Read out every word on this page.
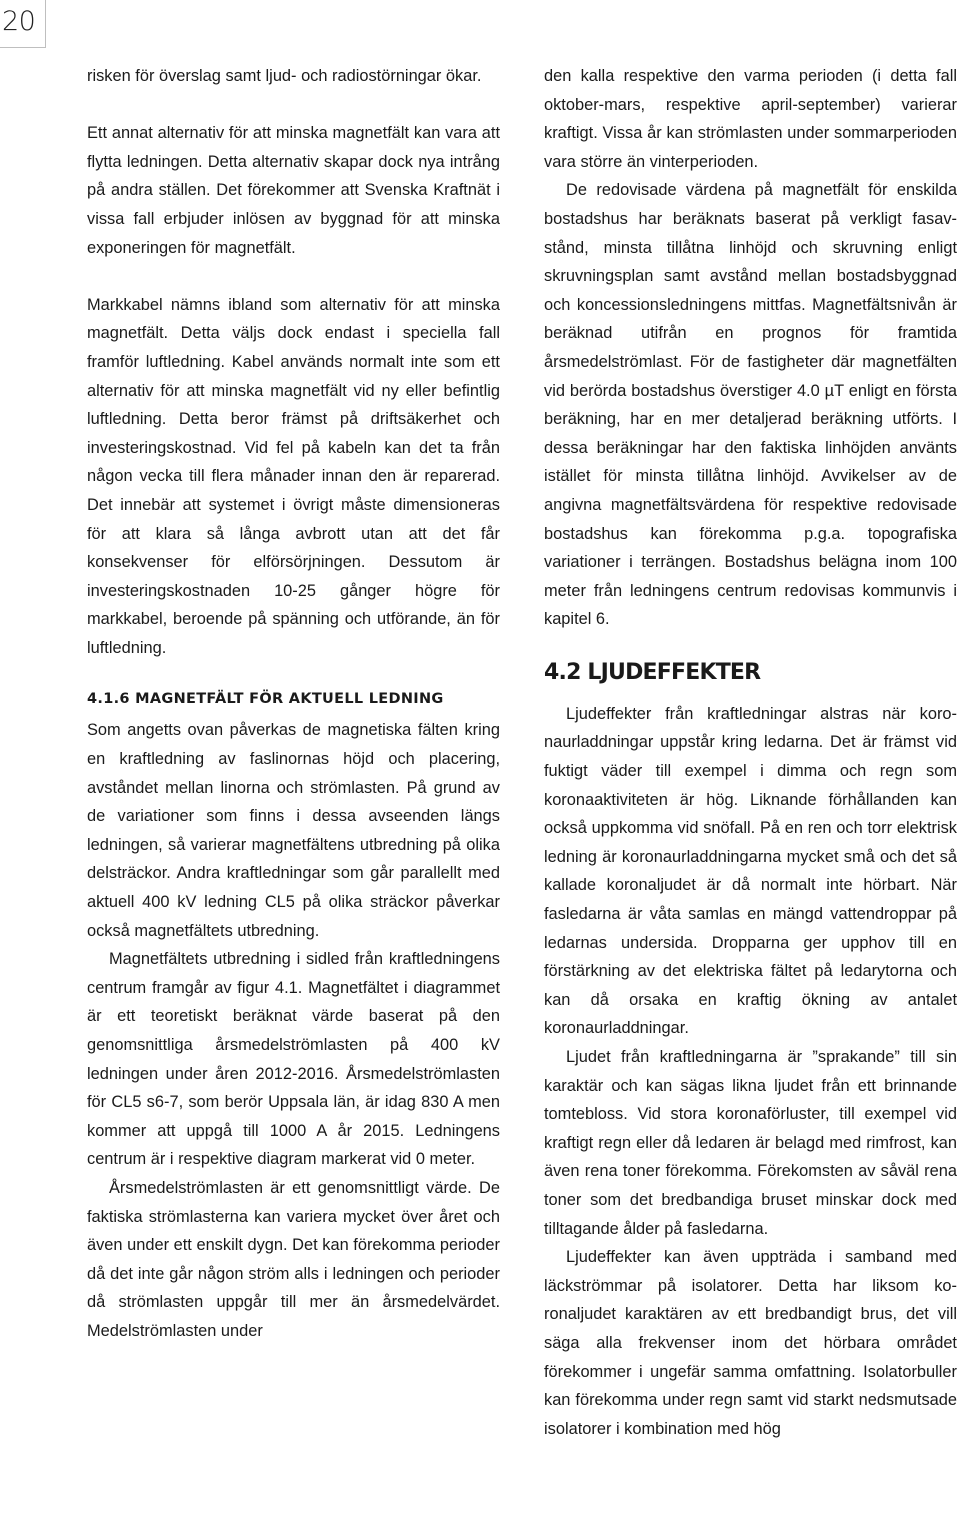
20

risken för överslag samt ljud- och radiostörningar ökar.

Ett annat alternativ för att minska magnetfält kan vara att flytta ledningen. Detta alternativ skapar dock nya intrång på andra ställen. Det förekommer att Svenska Kraftnät i vissa fall erbjuder inlösen av byggnad för att minska exponeringen för magnetfält.

Markkabel nämns ibland som alternativ för att minska magnetfält. Detta väljs dock endast i speciella fall framför luftledning. Kabel används normalt inte som ett alternativ för att minska magnetfält vid ny eller befintlig luftledning. Detta beror främst på driftsäkerhet och investeringskostnad. Vid fel på kabeln kan det ta från någon vecka till flera månader innan den är reparerad. Det innebär att systemet i övrigt måste dimensioneras för att klara så långa avbrott utan att det får konsekvenser för elförsörjningen. Dessutom är investeringskostnaden 10-25 gånger högre för markkabel, beroende på spänning och utförande, än för luftledning.

4.1.6 MAGNETFÄLT FÖR AKTUELL LEDNING

Som angetts ovan påverkas de magnetiska fälten kring en kraftledning av faslinornas höjd och placering, avståndet mellan linorna och strömlasten. På grund av de variationer som finns i dessa avseenden längs ledningen, så varierar magnetfältens utbredning på olika delsträckor. Andra kraftledningar som går parallellt med aktuell 400 kV ledning CL5 på olika sträckor påverkar också magnetfältets utbredning.

Magnetfältets utbredning i sidled från kraftledningens centrum framgår av figur 4.1. Magnetfältet i diagrammet är ett teoretiskt beräknat värde baserat på den genomsnittliga årsmedelströmlasten på 400 kV ledningen under åren 2012-2016. Årsmedelströmlasten för CL5 s6-7, som berör Uppsala län, är idag 830 A men kommer att uppgå till 1000 A år 2015. Ledningens centrum är i respektive diagram markerat vid 0 meter.

Årsmedelströmlasten är ett genomsnittligt värde. De faktiska strömlasterna kan variera mycket över året och även under ett enskilt dygn. Det kan förekomma perioder då det inte går någon ström alls i ledningen och perioder då strömlasten uppgår till mer än årsmedelvärdet. Medelströmlasten under

den kalla respektive den varma perioden (i detta fall oktober-mars, respektive april-september) varierar kraftigt. Vissa år kan strömlasten under sommarperioden vara större än vinterperioden.

De redovisade värdena på magnetfält för enskilda bostadshus har beräknats baserat på verkligt fasavstånd, minsta tillåtna linhöjd och skruvning enligt skruvningsplan samt avstånd mellan bostadsbyggnad och koncessionsledningens mittfas. Magnetfältsnivån är beräknad utifrån en prognos för framtida årsmedelströmlast. För de fastigheter där magnetfälten vid berörda bostadshus överstiger 4.0 µT enligt en första beräkning, har en mer detaljerad beräkning utförts. I dessa beräkningar har den faktiska linhöjden använts istället för minsta tillåtna linhöjd. Avvikelser av de angivna magnetfältsvärdena för respektive redovisade bostadshus kan förekomma p.g.a. topografiska variationer i terrängen. Bostadshus belägna inom 100 meter från ledningens centrum redovisas kommunvis i kapitel 6.

4.2 LJUDEFFEKTER

Ljudeffekter från kraftledningar alstras när koronaurladdningar uppstår kring ledarna. Det är främst vid fuktigt väder till exempel i dimma och regn som koronaaktiviteten är hög. Liknande förhållanden kan också uppkomma vid snöfall. På en ren och torr elektrisk ledning är koronaurladdningarna mycket små och det så kallade koronaljudet är då normalt inte hörbart. När fasledarna är våta samlas en mängd vattendroppar på ledarnas undersida. Dropparna ger upphov till en förstärkning av det elektriska fältet på ledarytorna och kan då orsaka en kraftig ökning av antalet koronaurladdningar.

Ljudet från kraftledningarna är ”sprakande” till sin karaktär och kan sägas likna ljudet från ett brinnande tomtebloss. Vid stora koronaförluster, till exempel vid kraftigt regn eller då ledaren är belagd med rimfrost, kan även rena toner förekomma. Förekomsten av såväl rena toner som det bredbandiga bruset minskar dock med tilltagande ålder på fasledarna.

Ljudeffekter kan även uppträda i samband med läckströmmar på isolatorer. Detta har liksom koronaljudet karaktären av ett bredbandigt brus, det vill säga alla frekvenser inom det hörbara området förekommer i ungefär samma omfattning. Isolatorbuller kan förekomma under regn samt vid starkt nedsmutsade isolatorer i kombination med hög
